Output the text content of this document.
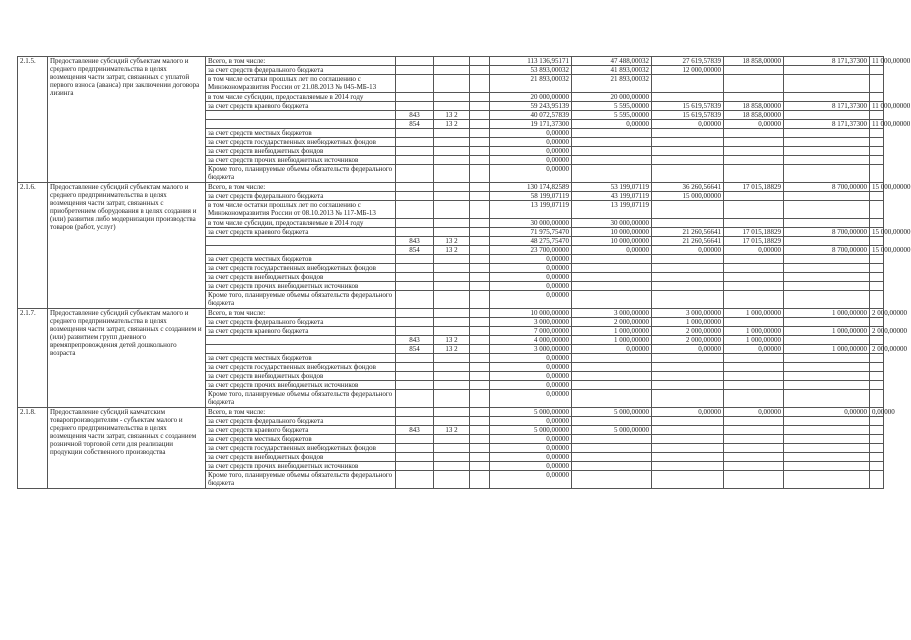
2.1.5.	Предоставление субсидий субъектам малого и среднего предпринимательства в целях возмещения части затрат, связанных с уплатой первого взноса (аванса) при заключении договора лизинга	Всего, в том числе:				113 136,95171	47 488,00032	27 619,57839	18 858,00000	8 171,37300	11 000,00000
		за счет средств федерального бюджета				53 893,00032	41 893,00032	12 000,00000			
		в том числе остатки прошлых лет по соглашению с Минэкономразвития России от 21.08.2013 № 045-МБ-13				21 893,00032	21 893,00032				
		в том числе субсидии, предоставляемые в 2014 году				20 000,00000	20 000,00000				
		за счет средств краевого бюджета				59 243,95139	5 595,00000	15 619,57839	18 858,00000	8 171,37300	11 000,00000
			843	13 2		40 072,57839	5 595,00000	15 619,57839	18 858,00000		
			854	13 2		19 171,37300	0,00000	0,00000	0,00000	8 171,37300	11 000,00000
		за счет средств местных бюджетов				0,00000					
		за счет средств государственных внебюджетных фондов				0,00000					
		за счет средств внебюджетных фондов				0,00000					
		за счет средств прочих внебюджетных источников				0,00000					
		Кроме того, планируемые объемы обязательств федерального бюджета				0,00000					
2.1.6.	Предоставление субсидий субъектам малого и среднего предпринимательства в целях возмещения части затрат, связанных с приобретением оборудования в целях создания и (или) развития либо модернизации производства товаров (работ, услуг)	Всего, в том числе:				130 174,82589	53 199,07119	36 260,56641	17 015,18829	8 700,00000	15 000,00000
		за счет средств федерального бюджета				58 199,07119	43 199,07119	15 000,00000			
		в том числе остатки прошлых лет по соглашению с Минэкономразвития России от 08.10.2013 № 117-МБ-13				13 199,07119	13 199,07119				
		в том числе субсидии, предоставляемые в 2014 году				30 000,00000	30 000,00000				
		за счет средств краевого бюджета				71 975,75470	10 000,00000	21 260,56641	17 015,18829	8 700,00000	15 000,00000
			843	13 2		48 275,75470	10 000,00000	21 260,56641	17 015,18829		
			854	13 2		23 700,00000	0,00000	0,00000	0,00000	8 700,00000	15 000,00000
		за счет средств местных бюджетов				0,00000					
		за счет средств государственных внебюджетных фондов				0,00000					
		за счет средств внебюджетных фондов				0,00000					
		за счет средств прочих внебюджетных источников				0,00000					
		Кроме того, планируемые объемы обязательств федерального бюджета				0,00000					
2.1.7.	Предоставление субсидий субъектам малого и среднего предпринимательства в целях возмещения части затрат, связанных с созданием и (или) развитием групп дневного времяпрепровождения детей дошкольного возраста	Всего, в том числе:				10 000,00000	3 000,00000	3 000,00000	1 000,00000	1 000,00000	2 000,00000
		за счет средств федерального бюджета				3 000,00000	2 000,00000	1 000,00000			
		за счет средств краевого бюджета				7 000,00000	1 000,00000	2 000,00000	1 000,00000	1 000,00000	2 000,00000
			843	13 2		4 000,00000	1 000,00000	2 000,00000	1 000,00000		
			854	13 2		3 000,00000	0,00000	0,00000	0,00000	1 000,00000	2 000,00000
		за счет средств местных бюджетов				0,00000					
		за счет средств государственных внебюджетных фондов				0,00000					
		за счет средств внебюджетных фондов				0,00000					
		за счет средств прочих внебюджетных источников				0,00000					
		Кроме того, планируемые объемы обязательств федерального бюджета				0,00000					
2.1.8.	Предоставление субсидий камчатским товаропроизводителям - субъектам малого и среднего предпринимательства в целях возмещения части затрат, связанных с созданием розничной торговой сети для реализации продукции собственного производства	Всего, в том числе:				5 000,00000	5 000,00000	0,00000	0,00000	0,00000	0,00000
		за счет средств федерального бюджета				0,00000					
		за счет средств краевого бюджета	843	13 2		5 000,00000	5 000,00000				
		за счет средств местных бюджетов				0,00000					
		за счет средств государственных внебюджетных фондов				0,00000					
		за счет средств внебюджетных фондов				0,00000					
		за счет средств прочих внебюджетных источников				0,00000					
		Кроме того, планируемые объемы обязательств федерального бюджета				0,00000					
